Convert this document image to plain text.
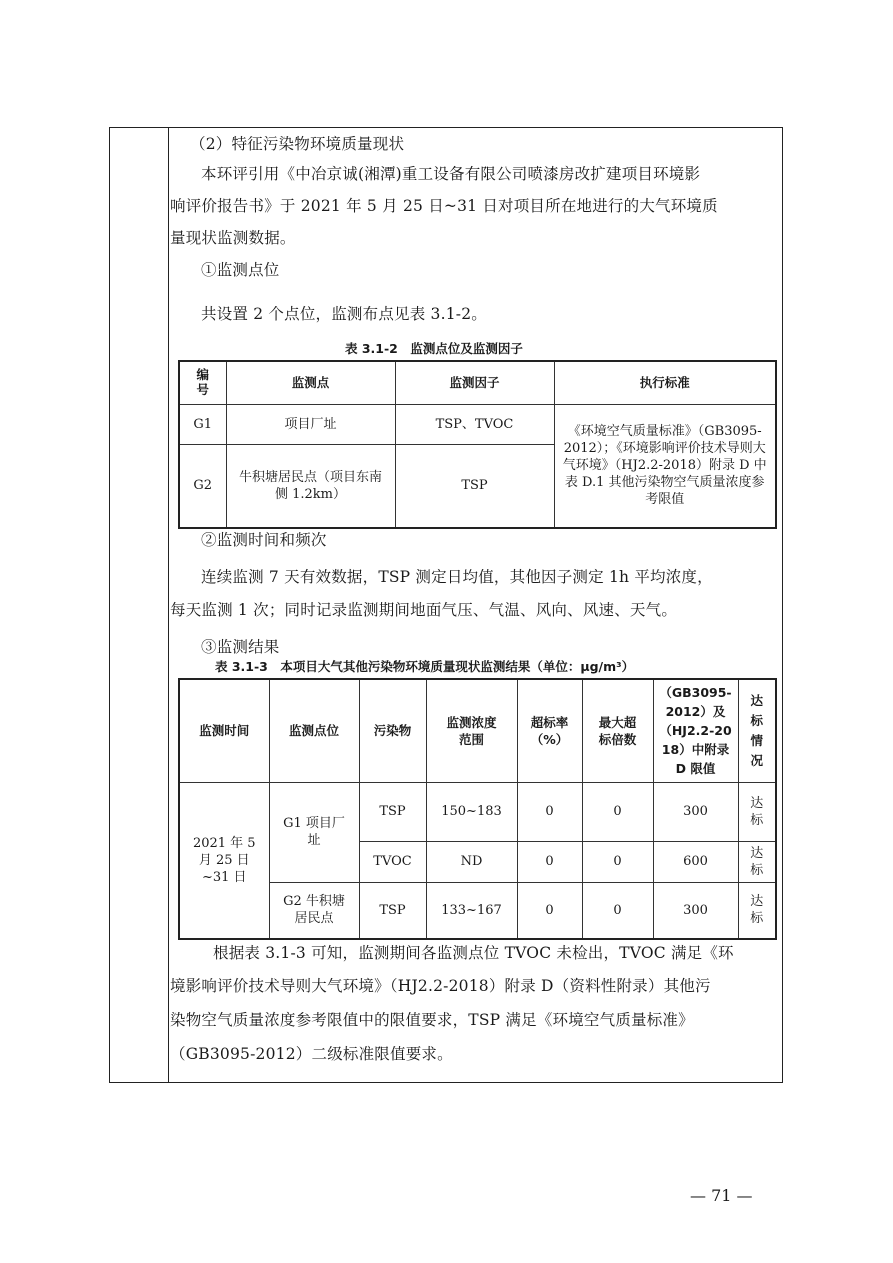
（2）特征污染物环境质量现状
本环评引用《中冶京诚(湘潭)重工设备有限公司喷漆房改扩建项目环境影
响评价报告书》于 2021 年 5 月 25 日~31 日对项目所在地进行的大气环境质
量现状监测数据。
①监测点位
共设置 2 个点位，监测布点见表 3.1-2。
表 3.1-2　监测点位及监测因子
编号	监测点	监测因子	执行标准
G1	项目厂址	TSP、TVOC	《环境空气质量标准》（GB3095-2012）；《环境影响评价技术导则大气环境》（HJ2.2-2018）附录 D 中表 D.1 其他污染物空气质量浓度参考限值
G2	牛积塘居民点（项目东南侧 1.2km）	TSP	
②监测时间和频次
连续监测 7 天有效数据，TSP 测定日均值，其他因子测定 1h 平均浓度，
每天监测 1 次；同时记录监测期间地面气压、气温、风向、风速、天气。
③监测结果
表 3.1-3　本项目大气其他污染物环境质量现状监测结果（单位：μg/m³）
监测时间	监测点位	污染物	监测浓度范围	超标率（%）	最大超标倍数	（GB3095-2012）及（HJ2.2-2018）中附录 D 限值	达标情况
2021 年 5 月 25 日~31 日	G1 项目厂址	TSP	150~183	0	0	300	达标
		TVOC	ND	0	0	600	达标
	G2 牛积塘居民点	TSP	133~167	0	0	300	达标
根据表 3.1-3 可知，监测期间各监测点位 TVOC 未检出，TVOC 满足《环
境影响评价技术导则大气环境》（HJ2.2-2018）附录 D（资料性附录）其他污
染物空气质量浓度参考限值中的限值要求，TSP 满足《环境空气质量标准》
（GB3095-2012）二级标准限值要求。
— 71 —
